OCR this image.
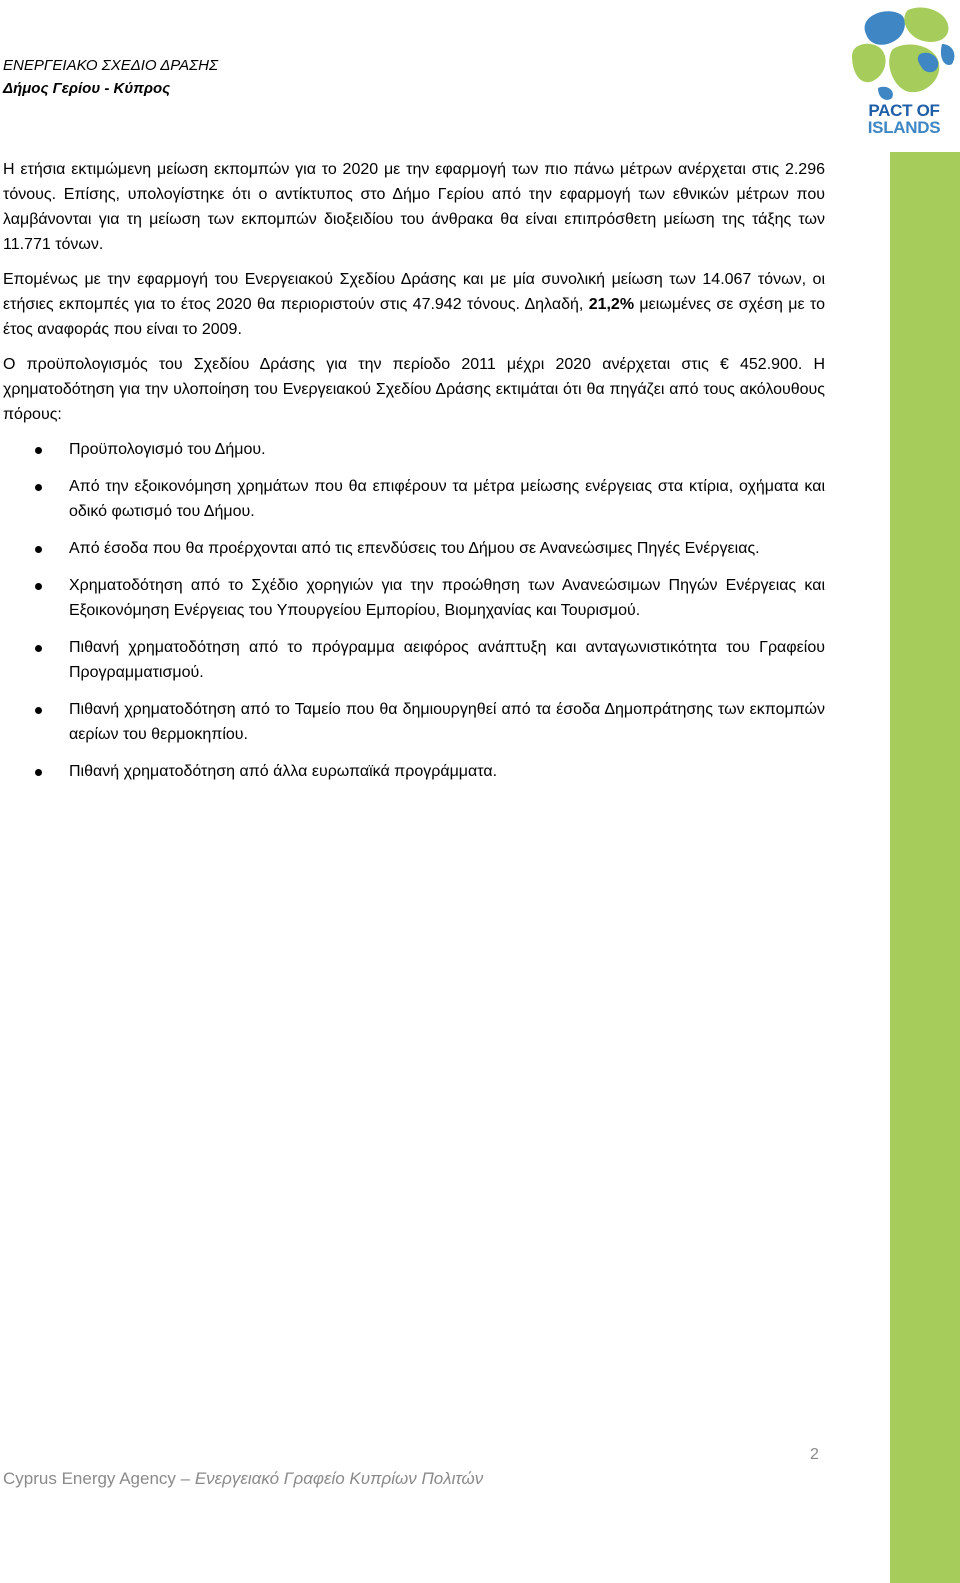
PACT OF
ISLANDS
ΕΝΕΡΓΕΙΑΚΟ ΣΧΕΔΙΟ ΔΡΑΣΗΣ
Δήμος Γερίου - Κύπρος

Η ετήσια εκτιμώμενη μείωση εκπομπών για το 2020 με την εφαρμογή των πιο πάνω μέτρων ανέρχεται στις 2.296 τόνους. Επίσης, υπολογίστηκε ότι ο αντίκτυπος στο Δήμο Γερίου από την εφαρμογή των εθνικών μέτρων που λαμβάνονται για τη μείωση των εκπομπών διοξειδίου του άνθρακα θα είναι επιπρόσθετη μείωση της τάξης των 11.771 τόνων.

Επομένως με την εφαρμογή του Ενεργειακού Σχεδίου Δράσης και με μία συνολική μείωση των 14.067 τόνων, οι ετήσιες εκπομπές για το έτος 2020 θα περιοριστούν στις 47.942 τόνους. Δηλαδή, 21,2% μειωμένες σε σχέση με το έτος αναφοράς που είναι το 2009.

Ο προϋπολογισμός του Σχεδίου Δράσης για την περίοδο 2011 μέχρι 2020 ανέρχεται στις € 452.900. Η χρηματοδότηση για την υλοποίηση του Ενεργειακού Σχεδίου Δράσης εκτιμάται ότι θα πηγάζει από τους ακόλουθους πόρους:

Προϋπολογισμό του Δήμου.
Από την εξοικονόμηση χρημάτων που θα επιφέρουν τα μέτρα μείωσης ενέργειας στα κτίρια, οχήματα και οδικό φωτισμό του Δήμου.
Από έσοδα που θα προέρχονται από τις επενδύσεις του Δήμου σε Ανανεώσιμες Πηγές Ενέργειας.
Χρηματοδότηση από το Σχέδιο χορηγιών για την προώθηση των Ανανεώσιμων Πηγών Ενέργειας και Εξοικονόμηση Ενέργειας του Υπουργείου Εμπορίου, Βιομηχανίας και Τουρισμού.
Πιθανή χρηματοδότηση από το πρόγραμμα αειφόρος ανάπτυξη και ανταγωνιστικότητα του Γραφείου Προγραμματισμού.
Πιθανή χρηματοδότηση από το Ταμείο που θα δημιουργηθεί από τα έσοδα Δημοπράτησης των εκπομπών αερίων του θερμοκηπίου.
Πιθανή χρηματοδότηση από άλλα ευρωπαϊκά προγράμματα.
2
Cyprus Energy Agency – Ενεργειακό Γραφείο Κυπρίων Πολιτών
